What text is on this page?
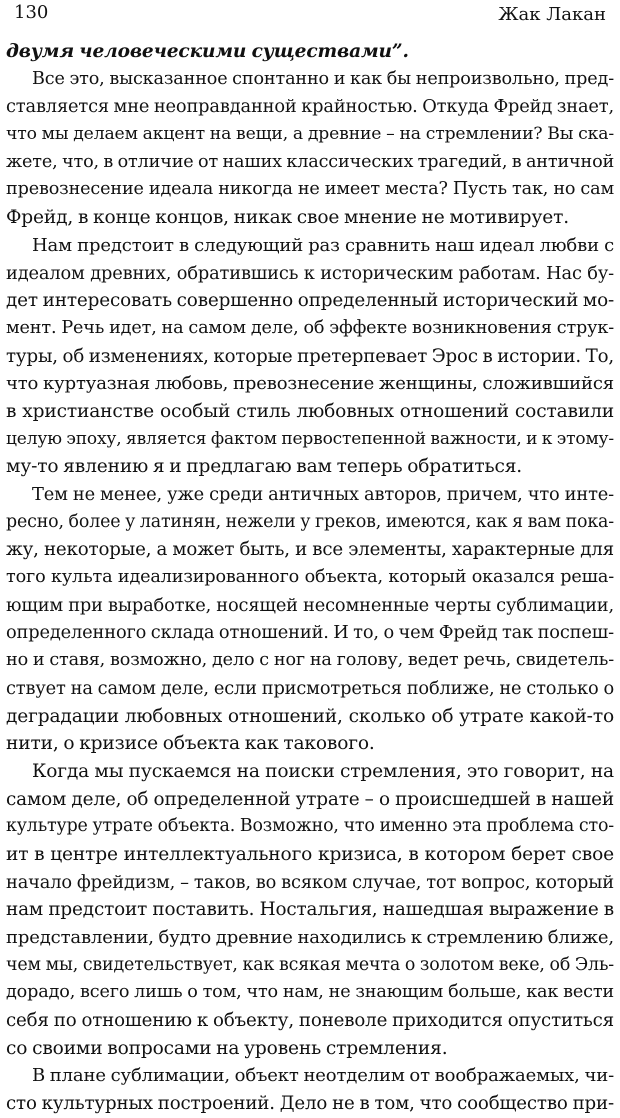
130	Жак Лакан
двумя человеческими существами”.
Все это, высказанное спонтанно и как бы непроизвольно, пред-
ставляется мне неоправданной крайностью. Откуда Фрейд знает,
что мы делаем акцент на вещи, а древние – на стремлении? Вы ска-
жете, что, в отличие от наших классических трагедий, в античной
превознесение идеала никогда не имеет места? Пусть так, но сам
Фрейд, в конце концов, никак свое мнение не мотивирует.
Нам предстоит в следующий раз сравнить наш идеал любви с
идеалом древних, обратившись к историческим работам. Нас бу-
дет интересовать совершенно определенный исторический мо-
мент. Речь идет, на самом деле, об эффекте возникновения струк-
туры, об изменениях, которые претерпевает Эрос в истории. То,
что куртуазная любовь, превознесение женщины, сложившийся
в христианстве особый стиль любовных отношений составили
целую эпоху, является фактом первостепенной важности, и к этому-
му-то явлению я и предлагаю вам теперь обратиться.
Тем не менее, уже среди античных авторов, причем, что инте-
ресно, более у латинян, нежели у греков, имеются, как я вам пока-
жу, некоторые, а может быть, и все элементы, характерные для
того культа идеализированного объекта, который оказался реша-
ющим при выработке, носящей несомненные черты сублимации,
определенного склада отношений. И то, о чем Фрейд так поспеш-
но и ставя, возможно, дело с ног на голову, ведет речь, свидетель-
ствует на самом деле, если присмотреться поближе, не столько о
деградации любовных отношений, сколько об утрате какой-то
нити, о кризисе объекта как такового.
Когда мы пускаемся на поиски стремления, это говорит, на
самом деле, об определенной утрате – о происшедшей в нашей
культуре утрате объекта. Возможно, что именно эта проблема сто-
ит в центре интеллектуального кризиса, в котором берет свое
начало фрейдизм, – таков, во всяком случае, тот вопрос, который
нам предстоит поставить. Ностальгия, нашедшая выражение в
представлении, будто древние находились к стремлению ближе,
чем мы, свидетельствует, как всякая мечта о золотом веке, об Эль-
дорадо, всего лишь о том, что нам, не знающим больше, как вести
себя по отношению к объекту, поневоле приходится опуститься
со своими вопросами на уровень стремления.
В плане сублимации, объект неотделим от воображаемых, чи-
сто культурных построений. Дело не в том, что сообщество при-
